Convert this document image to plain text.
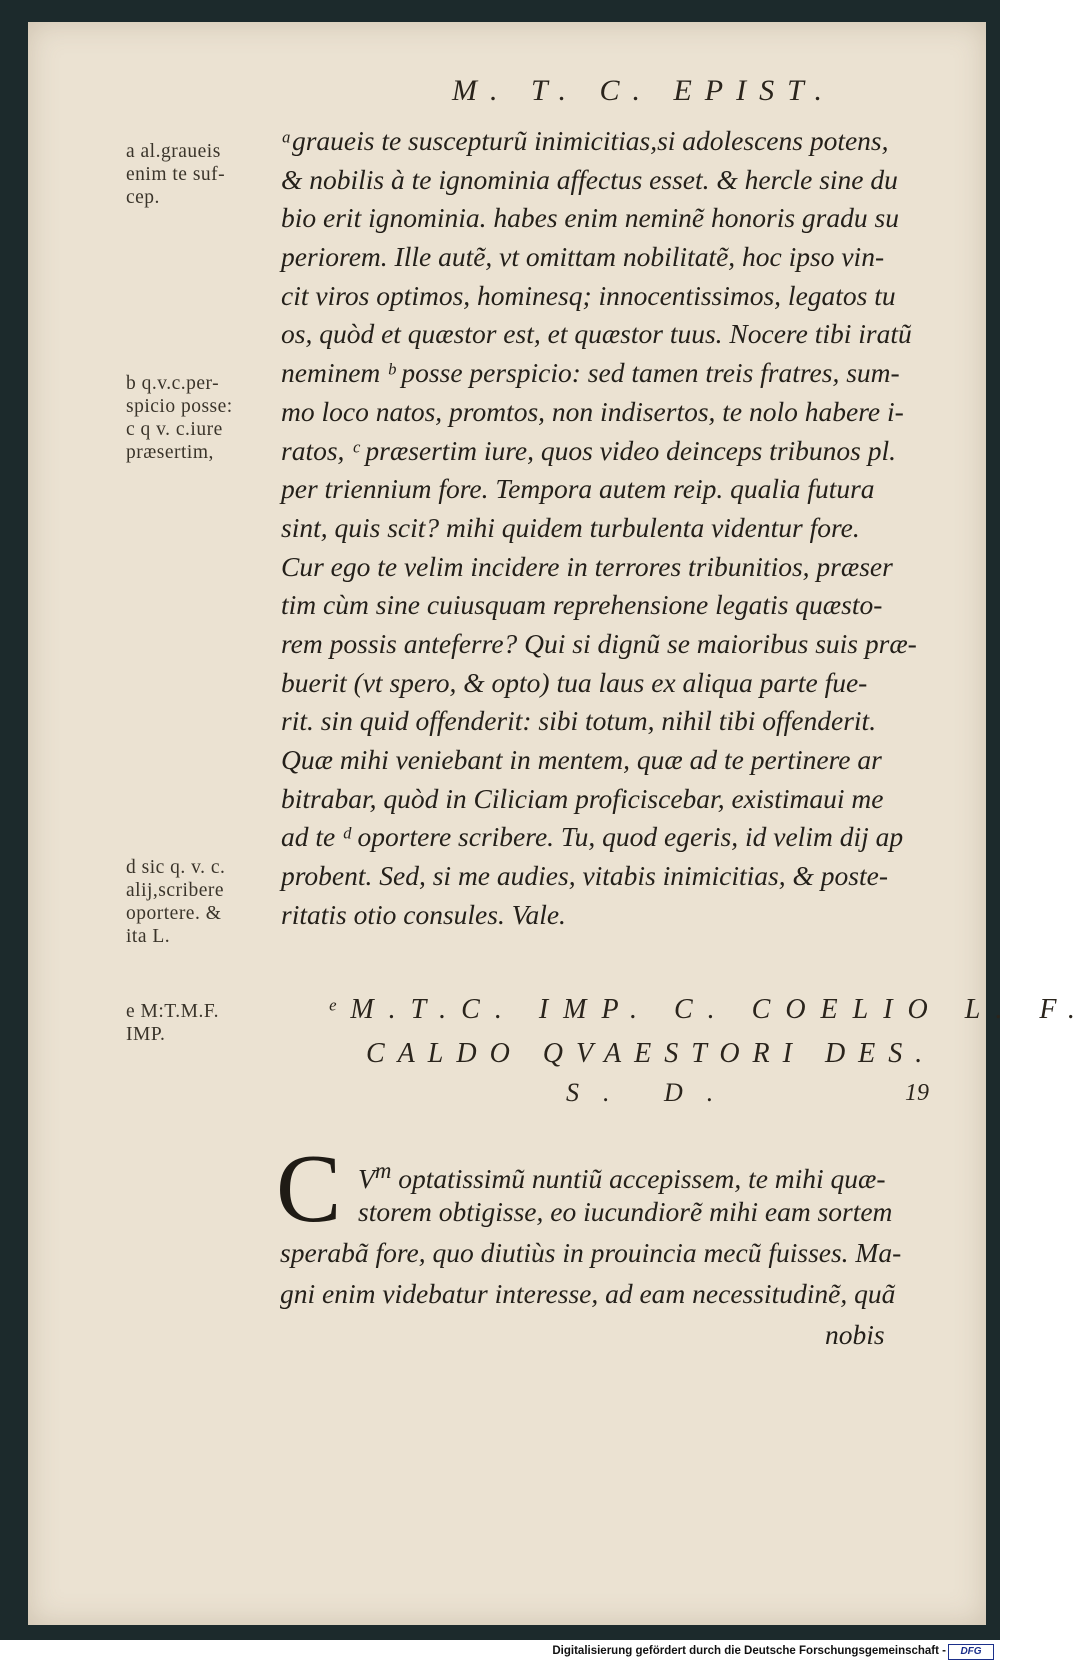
M. T. C. EPIST.
a al.graueis
enim te suf-
cep.
b q.v.c.per-
spicio posse:
c q v. c.iure
præsertim,
d sic q. v. c.
alij,scribere
oportere. &
ita L.
e M:T.M.F.
IMP.
ᵃgraueis te suscepturũ inimicitias,si adolescens potens,
& nobilis à te ignominia affectus esset. & hercle sine du
bio erit ignominia. habes enim neminẽ honoris gradu su
periorem. Ille autẽ, vt omittam nobilitatẽ, hoc ipso vin-
cit viros optimos, hominesq; innocentissimos, legatos tu
os, quòd et quæstor est, et quæstor tuus. Nocere tibi iratũ
neminem ᵇ posse perspicio: sed tamen treis fratres, sum-
mo loco natos, promtos, non indisertos, te nolo habere i-
ratos, ᶜ præsertim iure, quos video deinceps tribunos pl.
per triennium fore. Tempora autem reip. qualia futura
sint, quis scit? mihi quidem turbulenta videntur fore.
Cur ego te velim incidere in terrores tribunitios, præser
tim cùm sine cuiusquam reprehensione legatis quæsto-
rem possis anteferre? Qui si dignũ se maioribus suis præ-
buerit (vt spero, & opto) tua laus ex aliqua parte fue-
rit. sin quid offenderit: sibi totum, nihil tibi offenderit.
Quæ mihi veniebant in mentem, quæ ad te pertinere ar
bitrabar, quòd in Ciliciam proficiscebar, existimaui me
ad te ᵈ oportere scribere. Tu, quod egeris, id velim dij ap
probent. Sed, si me audies, vitabis inimicitias, & poste-
ritatis otio consules. Vale.
ᵉM.T.C. IMP. C. COELIO L. F.
CALDO QVAESTORI DES.
S. D.	19
C $V^m$ optatissimũ nuntiũ accepissem, te mihi quæ-
storem obtigisse, eo iucundiorẽ mihi eam sortem
sperabã fore, quo diutiùs in prouincia mecũ fuisses. Ma-
gni enim videbatur interesse, ad eam necessitudinẽ, quã
nobis
Digitalisierung gefördert durch die Deutsche Forschungsgemeinschaft -	DFG
